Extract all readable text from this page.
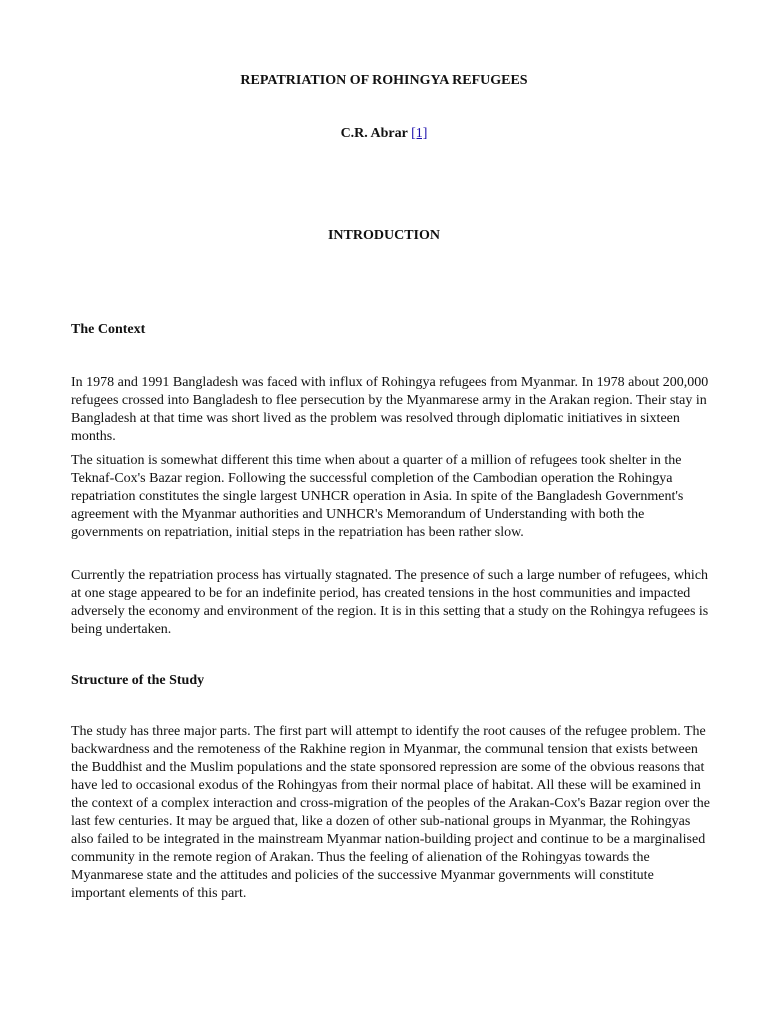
REPATRIATION OF ROHINGYA REFUGEES

C.R. Abrar [1]

INTRODUCTION
The Context

In 1978 and 1991 Bangladesh was faced with influx of Rohingya refugees from Myanmar. In 1978 about 200,000 refugees crossed into Bangladesh to flee persecution by the Myanmarese army in the Arakan region. Their stay in Bangladesh at that time was short lived as the problem was resolved through diplomatic initiatives in sixteen months.

The situation is somewhat different this time when about a quarter of a million of refugees took shelter in the Teknaf-Cox's Bazar region. Following the successful completion of the Cambodian operation the Rohingya repatriation constitutes the single largest UNHCR operation in Asia. In spite of the Bangladesh Government's agreement with the Myanmar authorities and UNHCR's Memorandum of Understanding with both the governments on repatriation, initial steps in the repatriation has been rather slow.

Currently the repatriation process has virtually stagnated. The presence of such a large number of refugees, which at one stage appeared to be for an indefinite period, has created tensions in the host communities and impacted adversely the economy and environment of the region. It is in this setting that a study on the Rohingya refugees is being undertaken.

Structure of the Study

The study has three major parts. The first part will attempt to identify the root causes of the refugee problem. The backwardness and the remoteness of the Rakhine region in Myanmar, the communal tension that exists between the Buddhist and the Muslim populations and the state sponsored repression are some of the obvious reasons that have led to occasional exodus of the Rohingyas from their normal place of habitat. All these will be examined in the context of a complex interaction and cross-migration of the peoples of the Arakan-Cox's Bazar region over the last few centuries. It may be argued that, like a dozen of other sub-national groups in Myanmar, the Rohingyas also failed to be integrated in the mainstream Myanmar nation-building project and continue to be a marginalised community in the remote region of Arakan. Thus the feeling of alienation of the Rohingyas towards the Myanmarese state and the attitudes and policies of the successive Myanmar governments will constitute important elements of this part.
